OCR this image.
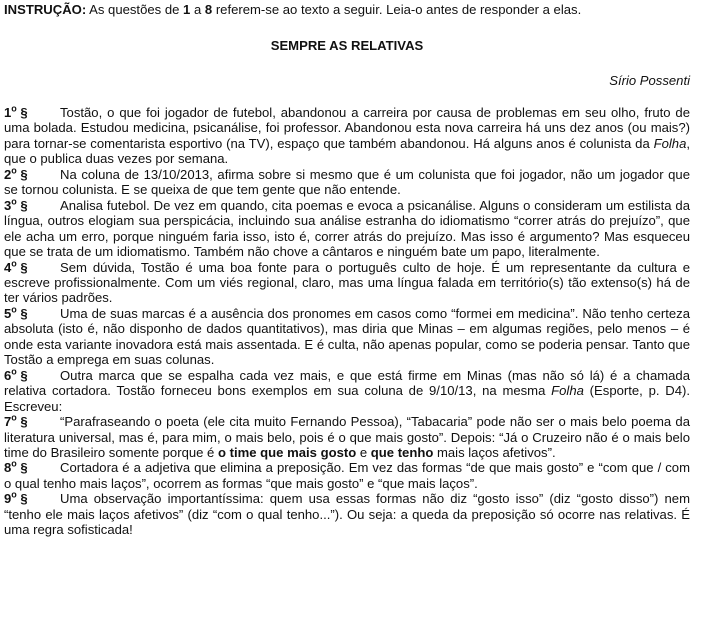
INSTRUÇÃO: As questões de 1 a 8 referem-se ao texto a seguir. Leia-o antes de responder a elas.
SEMPRE AS RELATIVAS
Sírio Possenti

1$^o$ § Tostão, o que foi jogador de futebol, abandonou a carreira por causa de problemas em seu olho, fruto de uma bolada. Estudou medicina, psicanálise, foi professor. Abandonou esta nova carreira há uns dez anos (ou mais?) para tornar-se comentarista esportivo (na TV), espaço que também abandonou. Há alguns anos é colunista da Folha, que o publica duas vezes por semana.

2$^o$ § Na coluna de 13/10/2013, afirma sobre si mesmo que é um colunista que foi jogador, não um jogador que se tornou colunista. E se queixa de que tem gente que não entende.

3$^o$ § Analisa futebol. De vez em quando, cita poemas e evoca a psicanálise. Alguns o consideram um estilista da língua, outros elogiam sua perspicácia, incluindo sua análise estranha do idiomatismo “correr atrás do prejuízo”, que ele acha um erro, porque ninguém faria isso, isto é, correr atrás do prejuízo. Mas isso é argumento? Mas esqueceu que se trata de um idiomatismo. Também não chove a cântaros e ninguém bate um papo, literalmente.

4$^o$ § Sem dúvida, Tostão é uma boa fonte para o português culto de hoje. É um representante da cultura e escreve profissionalmente. Com um viés regional, claro, mas uma língua falada em território(s) tão extenso(s) há de ter vários padrões.

5$^o$ § Uma de suas marcas é a ausência dos pronomes em casos como “formei em medicina”. Não tenho certeza absoluta (isto é, não disponho de dados quantitativos), mas diria que Minas – em algumas regiões, pelo menos – é onde esta variante inovadora está mais assentada. E é culta, não apenas popular, como se poderia pensar. Tanto que Tostão a emprega em suas colunas.

6$^o$ § Outra marca que se espalha cada vez mais, e que está firme em Minas (mas não só lá) é a chamada relativa cortadora. Tostão forneceu bons exemplos em sua coluna de 9/10/13, na mesma Folha (Esporte, p. D4). Escreveu:

7$^o$ § “Parafraseando o poeta (ele cita muito Fernando Pessoa), “Tabacaria” pode não ser o mais belo poema da literatura universal, mas é, para mim, o mais belo, pois é o que mais gosto”. Depois: “Já o Cruzeiro não é o mais belo time do Brasileiro somente porque é o time que mais gosto e que tenho mais laços afetivos”.

8$^o$ § Cortadora é a adjetiva que elimina a preposição. Em vez das formas “de que mais gosto” e “com que / com o qual tenho mais laços”, ocorrem as formas “que mais gosto” e “que mais laços”.

9$^o$ § Uma observação importantíssima: quem usa essas formas não diz “gosto isso” (diz “gosto disso”) nem “tenho ele mais laços afetivos” (diz “com o qual tenho...”). Ou seja: a queda da preposição só ocorre nas relativas. É uma regra sofisticada!
